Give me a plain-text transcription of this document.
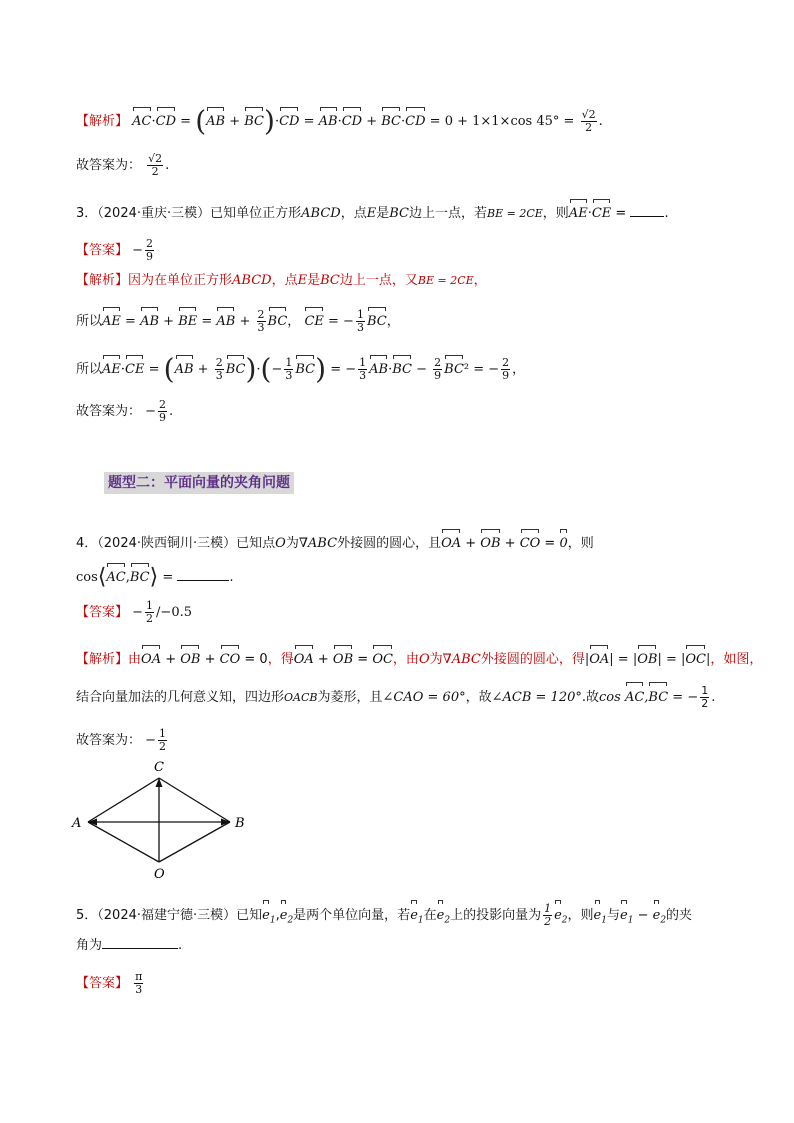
【解析】 AC·CD = (AB + BC)·CD = AB·CD + BC·CD = 0 + 1×1×cos $45^\circ = \frac{√2}{2}$ .
故答案为： $\frac{√2}{2}$ .
3．（2024·重庆·三模）已知单位正方形ABCD，点E是BC边上一点，若BE = 2CE，则AE·CE =	.
【答案】 − $\frac{2}{9}$
【解析】因为在单位正方形ABCD，点E是BC边上一点，又BE = 2CE，
所以AE = AB + BE = AB + $\frac{2}{3}$ BC， CE = − $\frac{1}{3}$ BC，
所以$AE\cdot CE = (AB + \frac{2}{3} BC)\cdot(- \frac{1}{3} BC)$ = − $\frac{1}{3} AB\cdot BC - \frac{2}{9} BC^2$ = − $\frac{2}{9}$ ，
故答案为： − $\frac{2}{9}$ .
题型二：平面向量的夹角问题
4．（2024·陕西铜川·三模）已知点O为∇ABC外接圆的圆心，且OA + OB + CO = 0，则
cos⟨AC,BC⟩ =	.
【答案】 − $\frac{1}{2} /-0.5$
【解析】由OA + OB + CO = 0，得OA + OB = OC，由O为∇ABC外接圆的圆心，得|OA| = |OB| = |OC|，如图，
结合向量加法的几何意义知，四边形OACB为菱形，且∠CAO = 60°，故∠ACB = 120°.故cos AC,BC = − $\frac{1}{2}$ .
故答案为： − $\frac{1}{2}$
C
A	B
O
5．（2024·福建宁德·三模）已知$e_1,e_2$是两个单位向量，若$e_1$在$e_2$上的投影向量为 $\frac{1}{2} e_2$，则$e_1$与$e_1 - e_2$的夹
角为	.
【答案】 $\frac{\pi}{3}$
